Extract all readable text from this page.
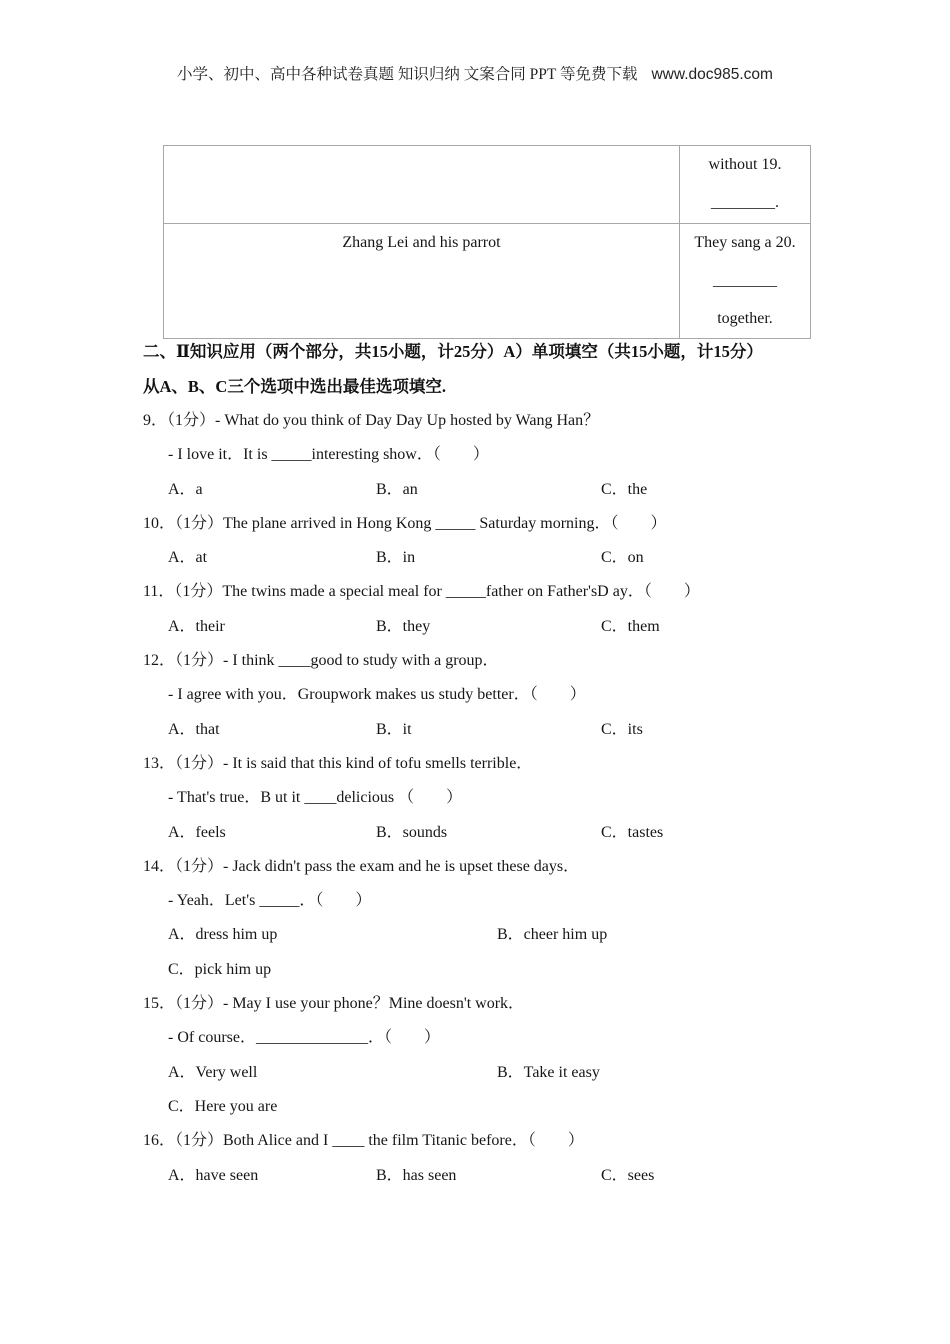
小学、初中、高中各种试卷真题 知识归纳 文案合同 PPT 等免费下载 www.doc985.com

	without 19.
________.

Zhang Lei and his parrot	They sang a 20.
________
together.
二、Ⅱ知识应用（两个部分，共15小题，计25分）A）单项填空（共15小题，计15分）
从A、B、C三个选项中选出最佳选项填空.
9．（1分）- What do you think of Day Day Up hosted by Wang Han？
- I love it．It is _____interesting show．（　　）
A．a	B．an	C．the
10．（1分）The plane arrived in Hong Kong _____ Saturday morning．（　　）
A．at	B．in	C．on
11．（1分）The twins made a special meal for _____father on Father'sD ay．（　　）
A．their	B．they	C．them
12．（1分）- I think ____good to study with a group．
- I agree with you．Groupwork makes us study better．（　　）
A．that	B．it	C．its
13．（1分）- It is said that this kind of tofu smells terrible．
- That's true．B ut it ____delicious （　　）
A．feels	B．sounds	C．tastes
14．（1分）- Jack didn't pass the exam and he is upset these days．
- Yeah．Let's _____．（　　）
A．dress him up	B．cheer him up
C．pick him up
15．（1分）- May I use your phone？Mine doesn't work．
- Of course．______________．（　　）
A．Very well	B．Take it easy
C．Here you are
16．（1分）Both Alice and I ____ the film Titanic before．（　　）
A．have seen	B．has seen	C．sees
